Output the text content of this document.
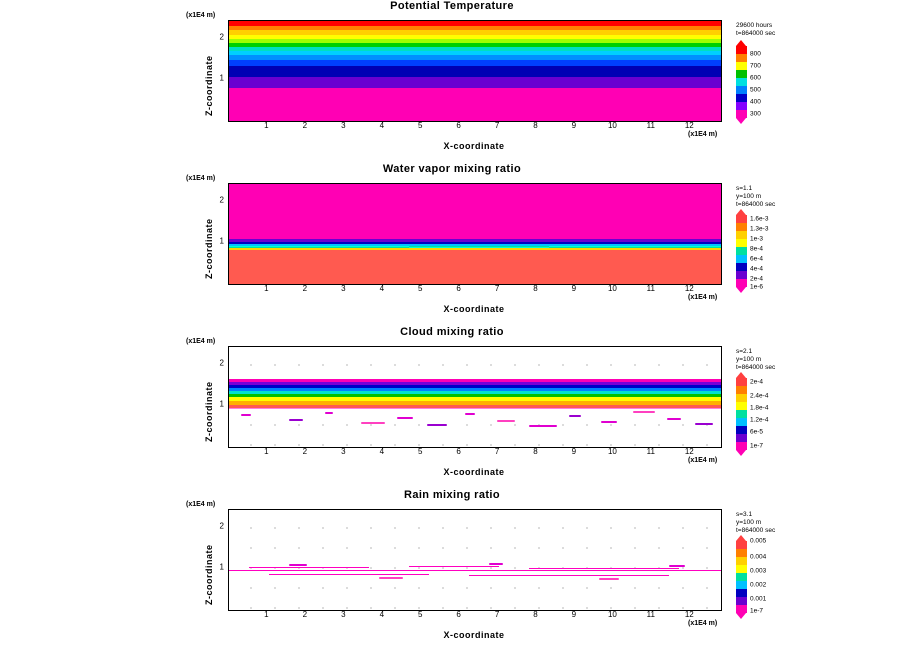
Potential Temperature
(x1E4 m)
Z-coordinate 1
2
1	2	3	4	5	6	7	8	9	10	11	12
(x1E4 m)
X-coordinate
29600 hours
t=864000 sec
800
700
600
500
400
300
Water vapor mixing ratio
(x1E4 m)
Z-coordinate 1
2
1	2	3	4	5	6	7	8	9	10	11	12
(x1E4 m)
X-coordinate
s=1.1
y=100 m
t=864000 sec
1.6e-3
1.3e-3
1e-3
8e-4
6e-4
4e-4
2e-4
1e-6
Cloud mixing ratio
(x1E4 m)
Z-coordinate 1
2
1	2	3	4	5	6	7	8	9	10	11	12
(x1E4 m)
X-coordinate
s=2.1
y=100 m
t=864000 sec
2e-4
2.4e-4
1.8e-4
1.2e-4
6e-5
1e-7
Rain mixing ratio
(x1E4 m)
Z-coordinate 1
2
1	2	3	4	5	6	7	8	9	10	11	12
(x1E4 m)
X-coordinate
s=3.1
y=100 m
t=864000 sec
0.005
0.004
0.003
0.002
0.001
1e-7
